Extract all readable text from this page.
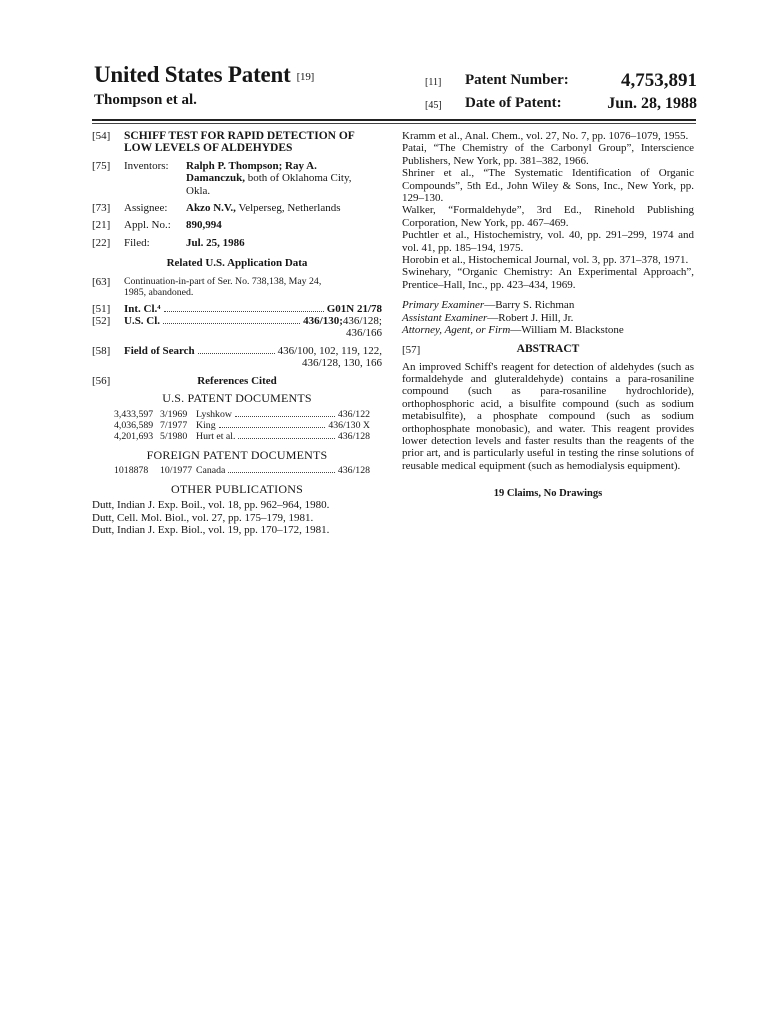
United States Patent [19]
Thompson et al.
[11] Patent Number:	4,753,891
[45] Date of Patent:	Jun. 28, 1988
[54] SCHIFF TEST FOR RAPID DETECTION OF
LOW LEVELS OF ALDEHYDES
[75] Inventors: Ralph P. Thompson; Ray A.
Damanczuk, both of Oklahoma City,
Okla.
[73] Assignee: Akzo N.V., Velperseg, Netherlands
[21] Appl. No.: 890,994
[22] Filed:	Jul. 25, 1986
Related U.S. Application Data
[63] Continuation-in-part of Ser. No. 738,138, May 24,
1985, abandoned.
[51] Int. Cl.⁴	G01N 21/78
[52] U.S. Cl.	436/130; 436/128;
436/166
[58] Field of Search	436/100, 102, 119, 122,
436/128, 130, 166
[56]	References Cited
U.S. PATENT DOCUMENTS
3,433,597 3/1969 Lyshkow	436/122
4,036,589 7/1977 King	436/130 X
4,201,693 5/1980 Hurt et al.	436/128
FOREIGN PATENT DOCUMENTS
1018878	10/1977 Canada	436/128
OTHER PUBLICATIONS
Dutt, Indian J. Exp. Boil., vol. 18, pp. 962–964, 1980.
Dutt, Cell. Mol. Biol., vol. 27, pp. 175–179, 1981.
Dutt, Indian J. Exp. Biol., vol. 19, pp. 170–172, 1981.
Kramm et al., Anal. Chem., vol. 27, No. 7, pp. 1076–1079, 1955.
Patai, “The Chemistry of the Carbonyl Group”, Interscience Publishers, New York, pp. 381–382, 1966.
Shriner et al., “The Systematic Identification of Organic Compounds”, 5th Ed., John Wiley & Sons, Inc., New York, pp. 129–130.
Walker, “Formaldehyde”, 3rd Ed., Rinehold Publishing Corporation, New York, pp. 467–469.
Puchtler et al., Histochemistry, vol. 40, pp. 291–299, 1974 and vol. 41, pp. 185–194, 1975.
Horobin et al., Histochemical Journal, vol. 3, pp. 371–378, 1971.
Swinehary, “Organic Chemistry: An Experimental Approach”, Prentice–Hall, Inc., pp. 423–434, 1969.
Primary Examiner—Barry S. Richman
Assistant Examiner—Robert J. Hill, Jr.
Attorney, Agent, or Firm—William M. Blackstone
[57]	ABSTRACT
An improved Schiff's reagent for detection of aldehydes (such as formaldehyde and gluteraldehyde) contains a para-rosaniline compound (such as para-rosaniline hydrochloride), orthophosphoric acid, a bisulfite compound (such as sodium metabisulfite), a phosphate compound (such as sodium orthophosphate monobasic), and water. This reagent provides lower detection levels and faster results than the reagents of the prior art, and is particularly useful in testing the rinse solutions of reusable medical equipment (such as hemodialysis equipment).
19 Claims, No Drawings
